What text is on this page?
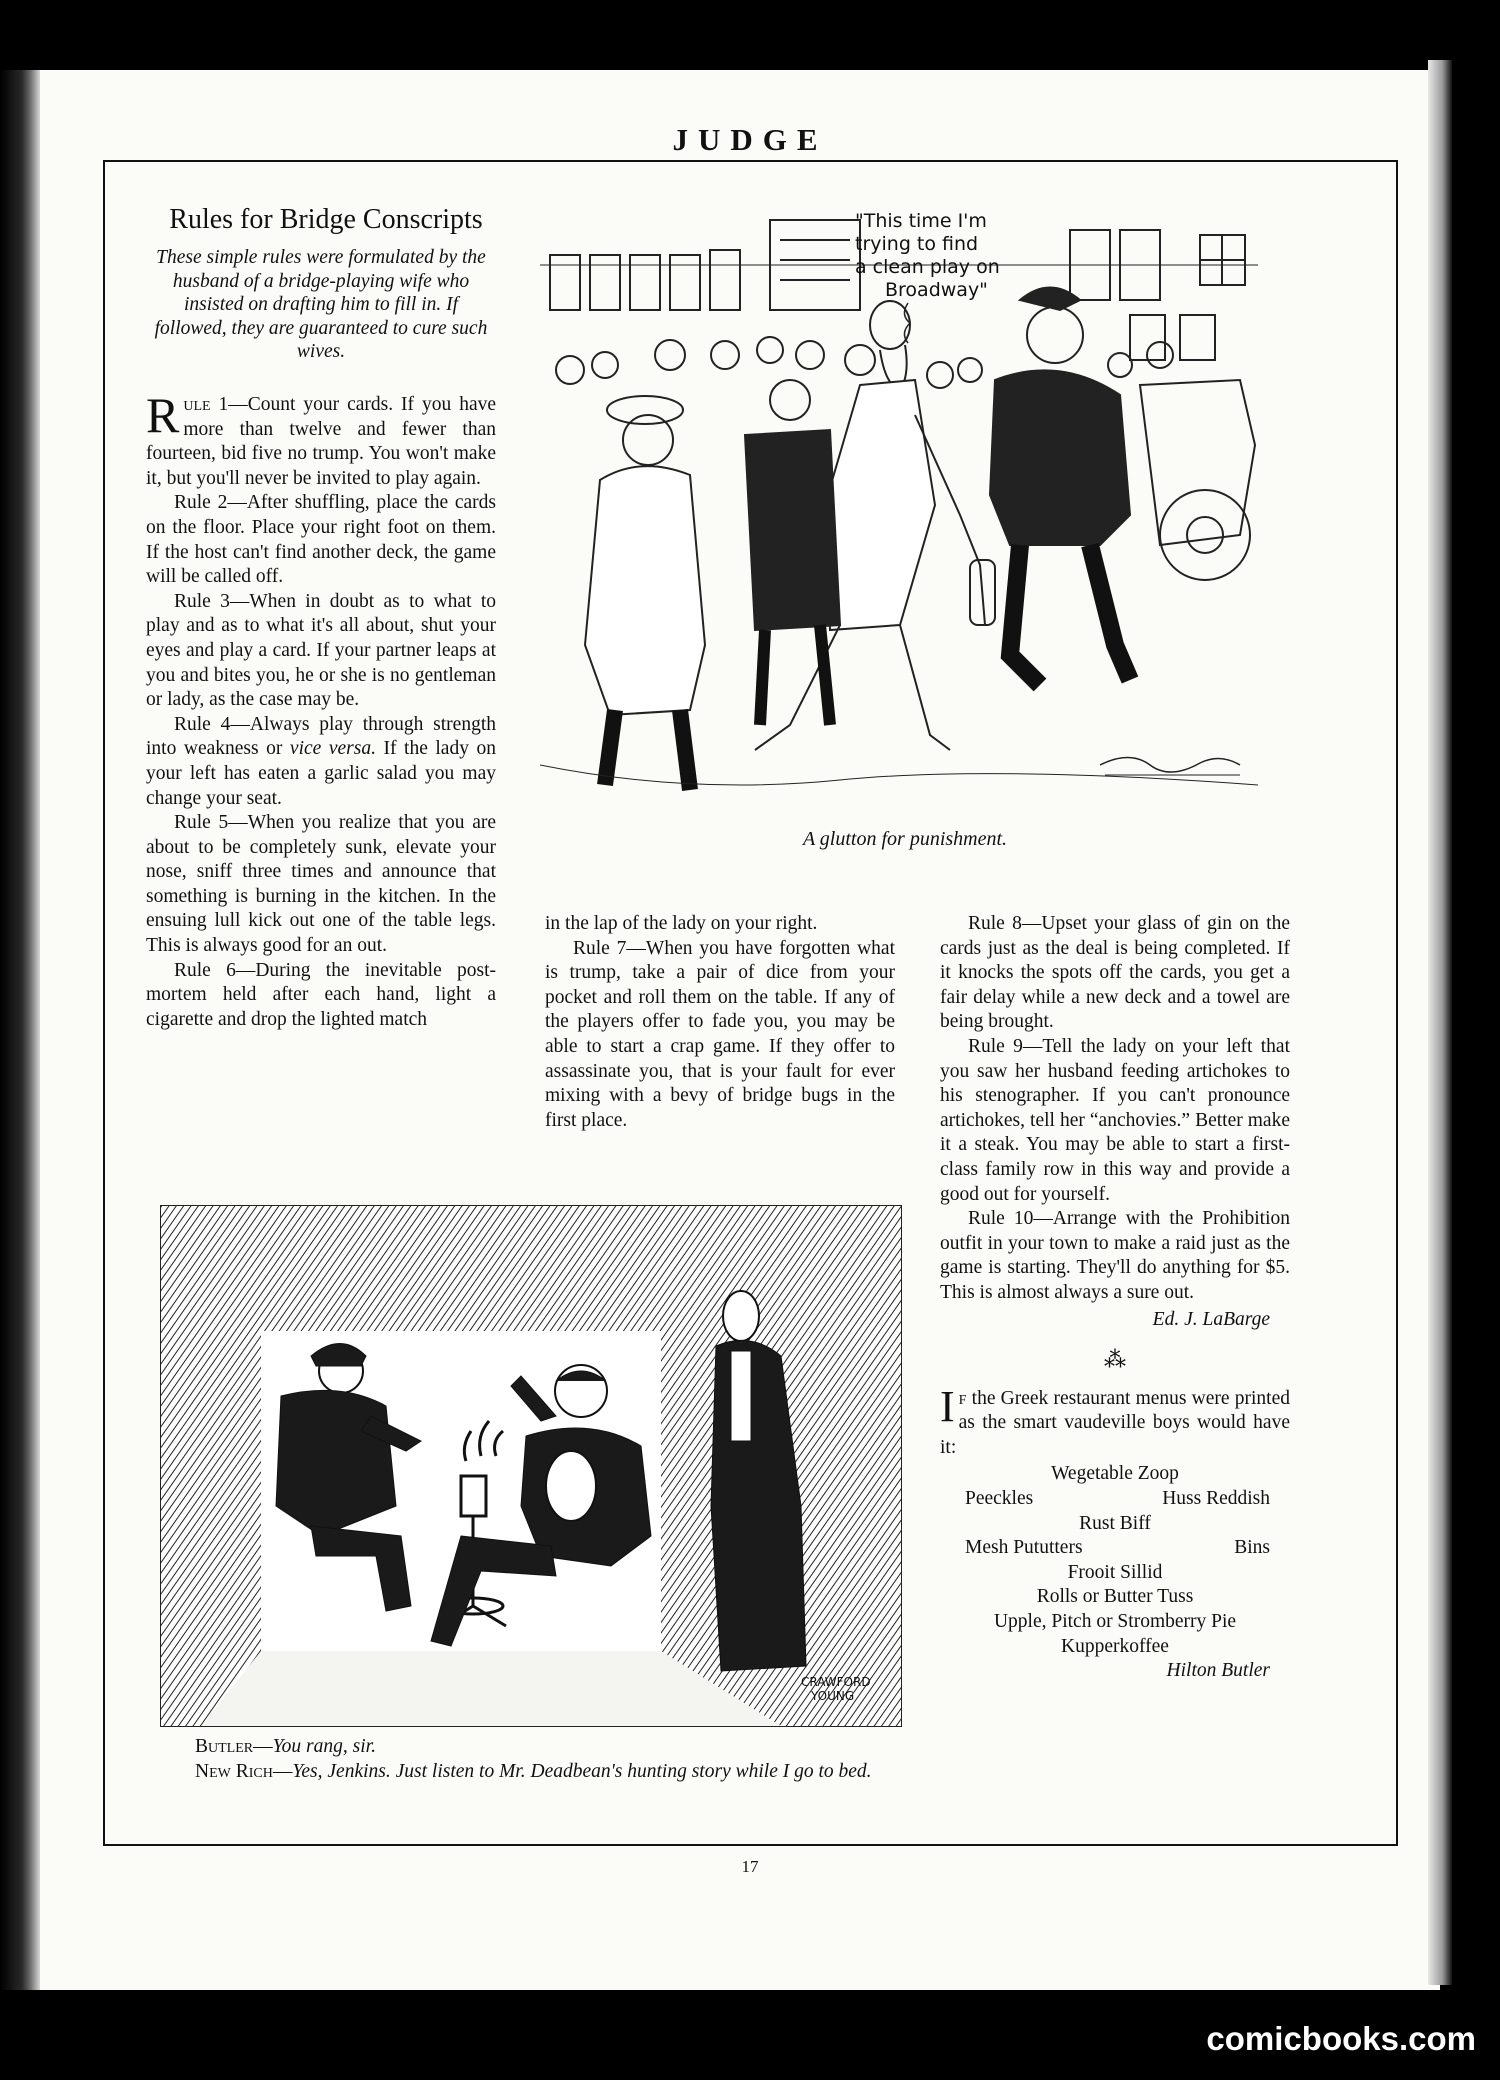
JUDGE
Rules for Bridge Conscripts
These simple rules were formulated by the husband of a bridge-playing wife who insisted on drafting him to fill in. If followed, they are guaranteed to cure such wives.

Rule 1—Count your cards. If you have more than twelve and fewer than fourteen, bid five no trump. You won't make it, but you'll never be invited to play again.

Rule 2—After shuffling, place the cards on the floor. Place your right foot on them. If the host can't find another deck, the game will be called off.

Rule 3—When in doubt as to what to play and as to what it's all about, shut your eyes and play a card. If your partner leaps at you and bites you, he or she is no gentleman or lady, as the case may be.

Rule 4—Always play through strength into weakness or vice versa. If the lady on your left has eaten a garlic salad you may change your seat.

Rule 5—When you realize that you are about to be completely sunk, elevate your nose, sniff three times and announce that something is burning in the kitchen. In the ensuing lull kick out one of the table legs. This is always good for an out.

Rule 6—During the inevitable post-mortem held after each hand, light a cigarette and drop the lighted match

in the lap of the lady on your right.

Rule 7—When you have forgotten what is trump, take a pair of dice from your pocket and roll them on the table. If any of the players offer to fade you, you may be able to start a crap game. If they offer to assassinate you, that is your fault for ever mixing with a bevy of bridge bugs in the first place.

Rule 8—Upset your glass of gin on the cards just as the deal is being completed. If it knocks the spots off the cards, you get a fair delay while a new deck and a towel are being brought.

Rule 9—Tell the lady on your left that you saw her husband feeding artichokes to his stenographer. If you can't pronounce artichokes, tell her “anchovies.” Better make it a steak. You may be able to start a first-class family row in this way and provide a good out for yourself.

Rule 10—Arrange with the Prohibition outfit in your town to make a raid just as the game is starting. They'll do anything for $5. This is almost always a sure out.

Ed. J. LaBarge
⁂

If the Greek restaurant menus were printed as the smart vaudeville boys would have it:

Wegetable Zoop
Peeckles	Huss Reddish
Rust Biff
Mesh Pututters	Bins
Frooit Sillid
Rolls or Butter Tuss
Upple, Pitch or Stromberry Pie
Kupperkoffee
Hilton Butler
"This time I'm
trying to find
a clean play on
Broadway"
A glutton for punishment.
CRAWFORD
YOUNG
Butler—You rang, sir.
New Rich—Yes, Jenkins. Just listen to Mr. Deadbean's hunting story while I go to bed.
17
comicbooks.com
